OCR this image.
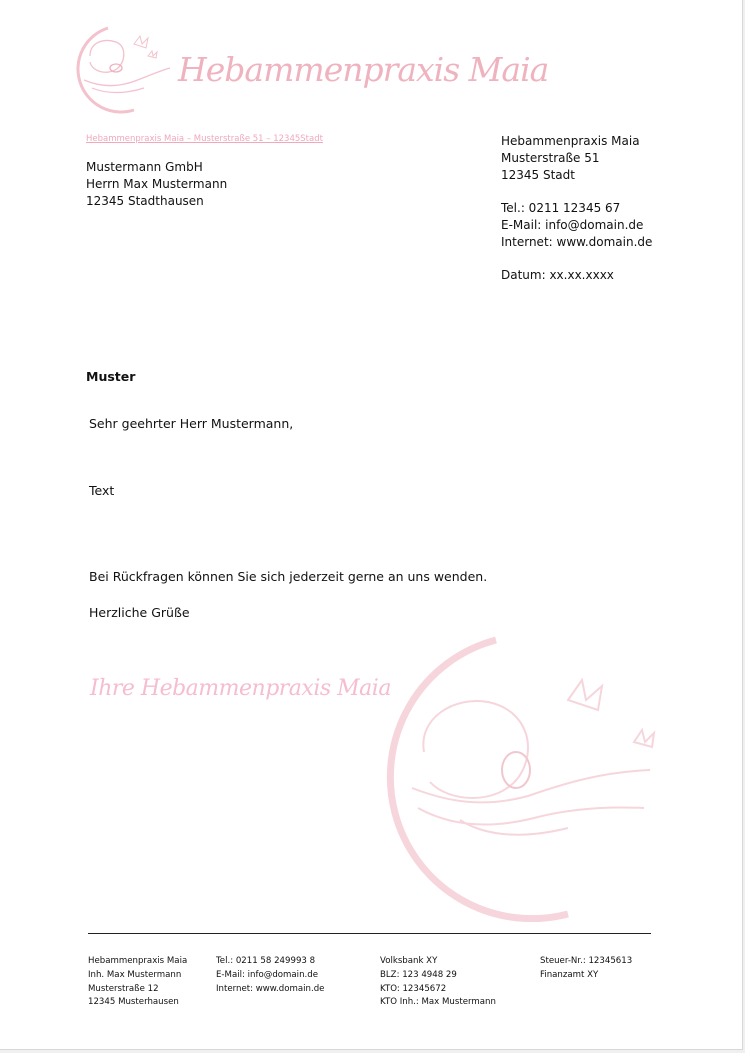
Hebammenpraxis Maia
Hebammenpraxis Maia – Musterstraße 51 – 12345Stadt
Mustermann GmbH
Herrn Max Mustermann
12345 Stadthausen
Hebammenpraxis Maia
Musterstraße 51
12345 Stadt
Tel.: 0211 12345 67
E-Mail: info@domain.de
Internet: www.domain.de
Datum: xx.xx.xxxx
Muster
Sehr geehrter Herr Mustermann,
Text
Bei Rückfragen können Sie sich jederzeit gerne an uns wenden.
Herzliche Grüße
Ihre Hebammenpraxis Maia
Hebammenpraxis Maia
Inh. Max Mustermann
Musterstraße 12
12345 Musterhausen
Tel.: 0211 58 249993 8
E-Mail: info@domain.de
Internet: www.domain.de
Volksbank XY
BLZ: 123 4948 29
KTO: 12345672
KTO Inh.: Max Mustermann
Steuer-Nr.: 12345613
Finanzamt XY
